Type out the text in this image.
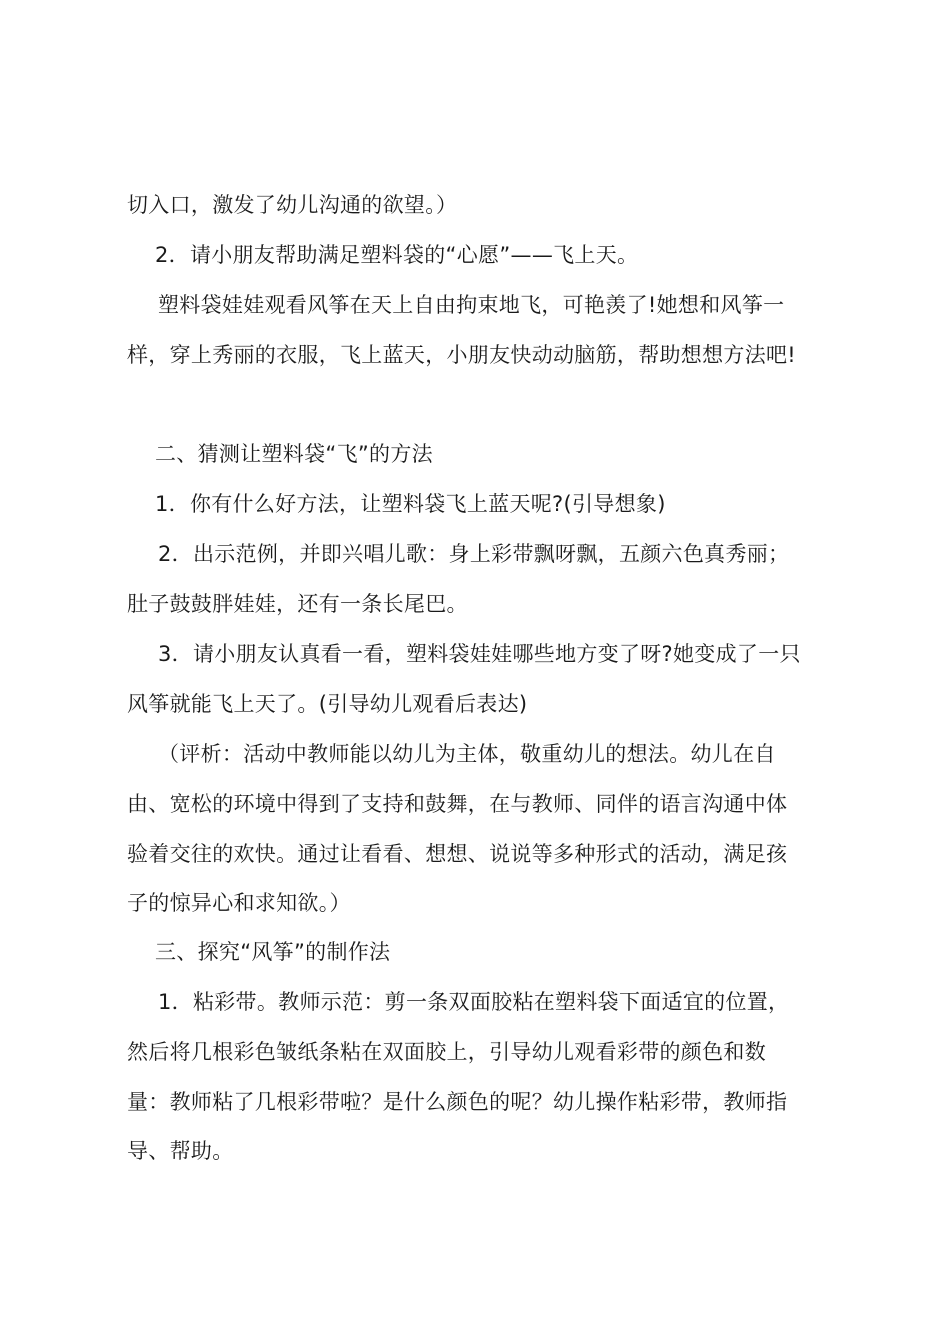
切入口，激发了幼儿沟通的欲望。）
2．请小朋友帮助满足塑料袋的“心愿”——飞上天。
塑料袋娃娃观看风筝在天上自由拘束地飞，可艳羡了!她想和风筝一
样，穿上秀丽的衣服，飞上蓝天，小朋友快动动脑筋，帮助想想方法吧!
二、猜测让塑料袋“飞”的方法
1．你有什么好方法，让塑料袋飞上蓝天呢?(引导想象)
2．出示范例，并即兴唱儿歌：身上彩带飘呀飘，五颜六色真秀丽；
肚子鼓鼓胖娃娃，还有一条长尾巴。
3．请小朋友认真看一看，塑料袋娃娃哪些地方变了呀?她变成了一只
风筝就能飞上天了。(引导幼儿观看后表达)
（评析：活动中教师能以幼儿为主体，敬重幼儿的想法。幼儿在自
由、宽松的环境中得到了支持和鼓舞，在与教师、同伴的语言沟通中体
验着交往的欢快。通过让看看、想想、说说等多种形式的活动，满足孩
子的惊异心和求知欲。）
三、探究“风筝”的制作法
1．粘彩带。教师示范：剪一条双面胶粘在塑料袋下面适宜的位置，
然后将几根彩色皱纸条粘在双面胶上，引导幼儿观看彩带的颜色和数
量：教师粘了几根彩带啦？是什么颜色的呢？幼儿操作粘彩带，教师指
导、帮助。
